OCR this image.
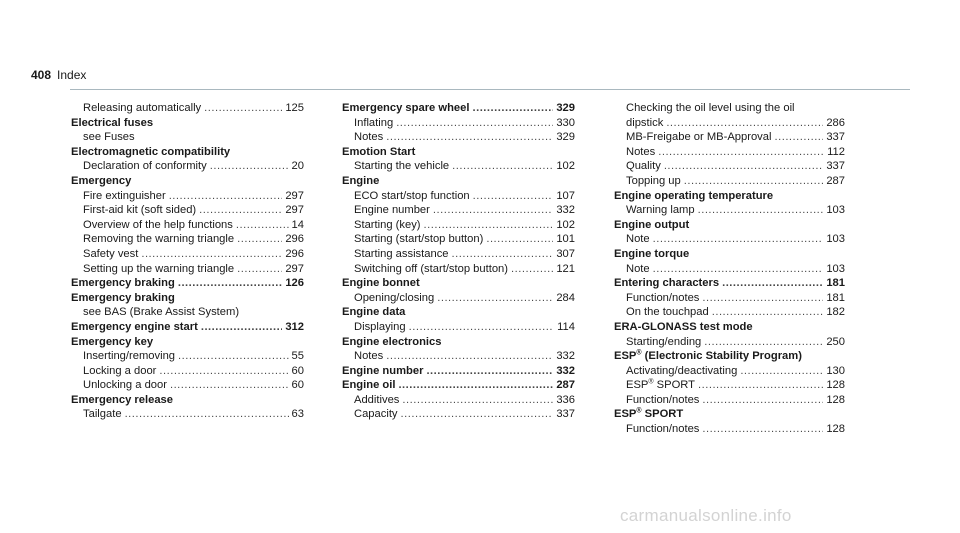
408 Index
Releasing automatically .....	125
Electrical fuses
see Fuses
Electromagnetic compatibility
Declaration of conformity .....	20
Emergency
Fire extinguisher .....	297
First-aid kit (soft sided) .....	297
Overview of the help functions .....	14
Removing the warning triangle .....	296
Safety vest .....	296
Setting up the warning triangle .....	297
Emergency braking .....	126
Emergency braking
see BAS (Brake Assist System)
Emergency engine start .....	312
Emergency key
Inserting/removing .....	55
Locking a door .....	60
Unlocking a door .....	60
Emergency release
Tailgate .....	63
Emergency spare wheel .....	329
Inflating .....	330
Notes .....	329
Emotion Start
Starting the vehicle .....	102
Engine
ECO start/stop function .....	107
Engine number .....	332
Starting (key) .....	102
Starting (start/stop button) .....	101
Starting assistance .....	307
Switching off (start/stop button) .....	121
Engine bonnet
Opening/closing .....	284
Engine data
Displaying .....	114
Engine electronics
Notes .....	332
Engine number .....	332
Engine oil .....	287
Additives .....	336
Capacity .....	337
Checking the oil level using the oil
dipstick .....	286
MB-Freigabe or MB-Approval .....	337
Notes .....	112
Quality .....	337
Topping up .....	287
Engine operating temperature
Warning lamp .....	103
Engine output
Note .....	103
Engine torque
Note .....	103
Entering characters .....	181
Function/notes .....	181
On the touchpad .....	182
ERA-GLONASS test mode
Starting/ending .....	250
ESP® (Electronic Stability Program)
Activating/deactivating .....	130
ESP® SPORT .....	128
Function/notes .....	128
ESP® SPORT
Function/notes .....	128
carmanualsonline.info
